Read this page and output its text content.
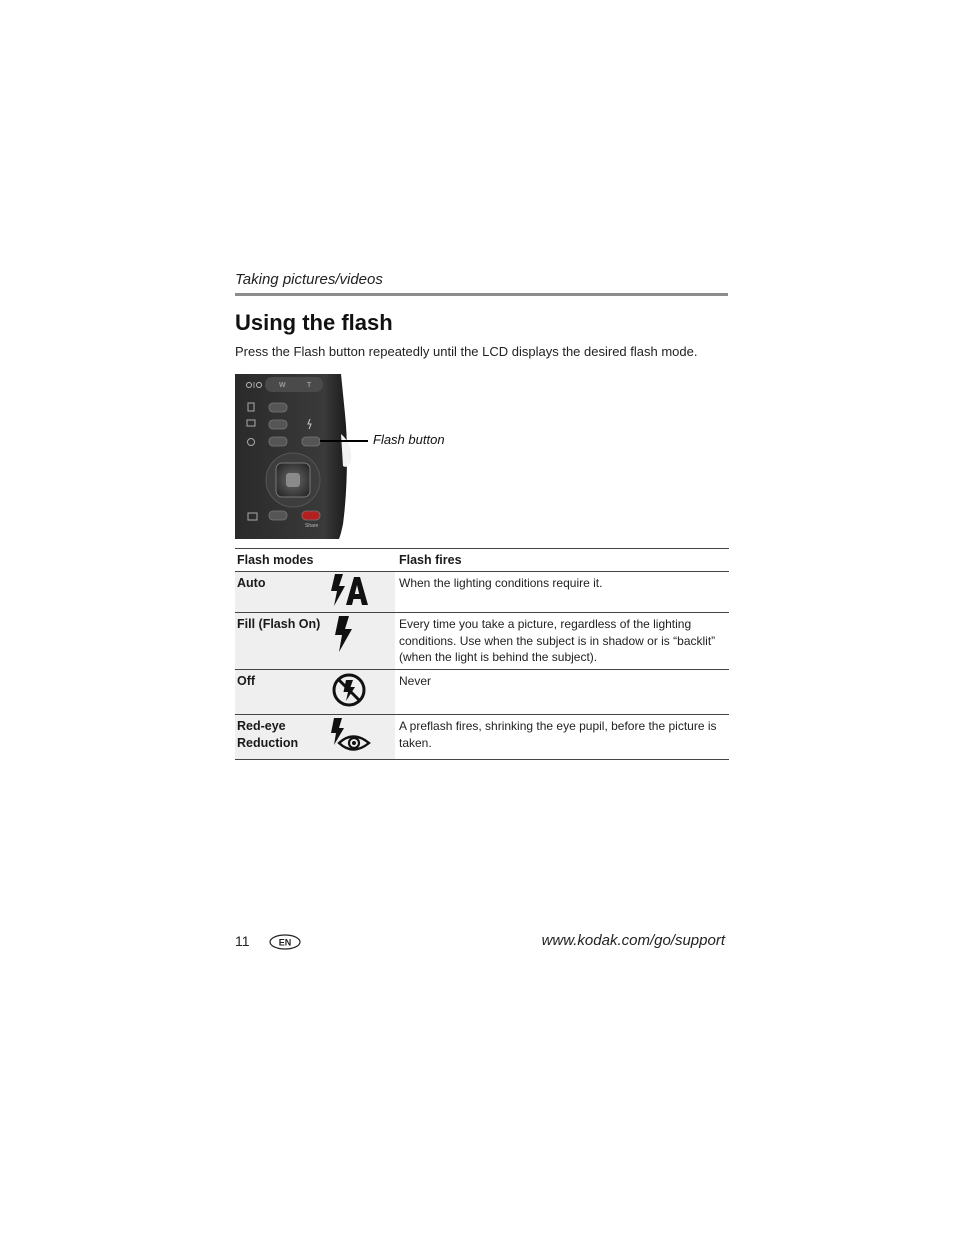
Taking pictures/videos
Using the flash
Press the Flash button repeatedly until the LCD displays the desired flash mode.
W	T
Share
Flash button
Flash modes		Flash fires
Auto		When the lighting conditions require it.
Fill (Flash On)		Every time you take a picture, regardless of the lighting conditions. Use when the subject is in shadow or is “backlit” (when the light is behind the subject).
Off		Never

Red-eye
Reduction		A preflash fires, shrinking the eye pupil, before the picture is taken.
11	EN	www.kodak.com/go/support
